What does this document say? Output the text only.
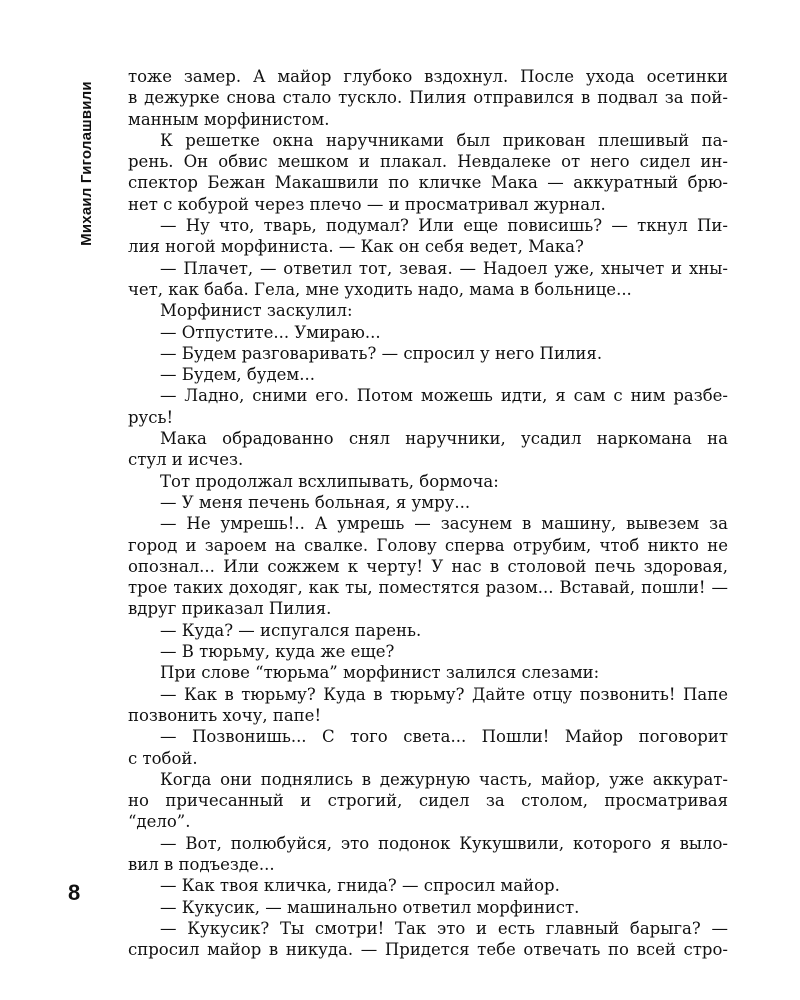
Михаил Гиголашвили
тоже замер. А майор глубоко вздохнул. После ухода осетинки
в дежурке снова стало тускло. Пилия отправился в подвал за пой-
манным морфинистом.
К решетке окна наручниками был прикован плешивый па-
рень. Он обвис мешком и плакал. Невдалеке от него сидел ин-
спектор Бежан Макашвили по кличке Мака — аккуратный брю-
нет с кобурой через плечо — и просматривал журнал.
— Ну что, тварь, подумал? Или еще повисишь? — ткнул Пи-
лия ногой морфиниста. — Как он себя ведет, Мака?
— Плачет, — ответил тот, зевая. — Надоел уже, хнычет и хны-
чет, как баба. Гела, мне уходить надо, мама в больнице...
Морфинист заскулил:
— Отпустите... Умираю...
— Будем разговаривать? — спросил у него Пилия.
— Будем, будем...
— Ладно, сними его. Потом можешь идти, я сам с ним разбе-
русь!
Мака обрадованно снял наручники, усадил наркомана на
стул и исчез.
Тот продолжал всхлипывать, бормоча:
— У меня печень больная, я умру...
— Не умрешь!.. А умрешь — засунем в машину, вывезем за
город и зароем на свалке. Голову сперва отрубим, чтоб никто не
опознал... Или сожжем к черту! У нас в столовой печь здоровая,
трое таких доходяг, как ты, поместятся разом... Вставай, пошли! —
вдруг приказал Пилия.
— Куда? — испугался парень.
— В тюрьму, куда же еще?
При слове “тюрьма” морфинист залился слезами:
— Как в тюрьму? Куда в тюрьму? Дайте отцу позвонить! Папе
позвонить хочу, папе!
— Позвонишь... С того света... Пошли! Майор поговорит
с тобой.
Когда они поднялись в дежурную часть, майор, уже аккурат-
но причесанный и строгий, сидел за столом, просматривая
“дело”.
— Вот, полюбуйся, это подонок Кукушвили, которого я вылo-
вил в подъезде...
— Как твоя кличка, гнида? — спросил майор.
— Кукусик, — машинально ответил морфинист.
— Кукусик? Ты смотри! Так это и есть главный барыга? —
спросил майор в никуда. — Придется тебе отвечать по всей стро-
8
